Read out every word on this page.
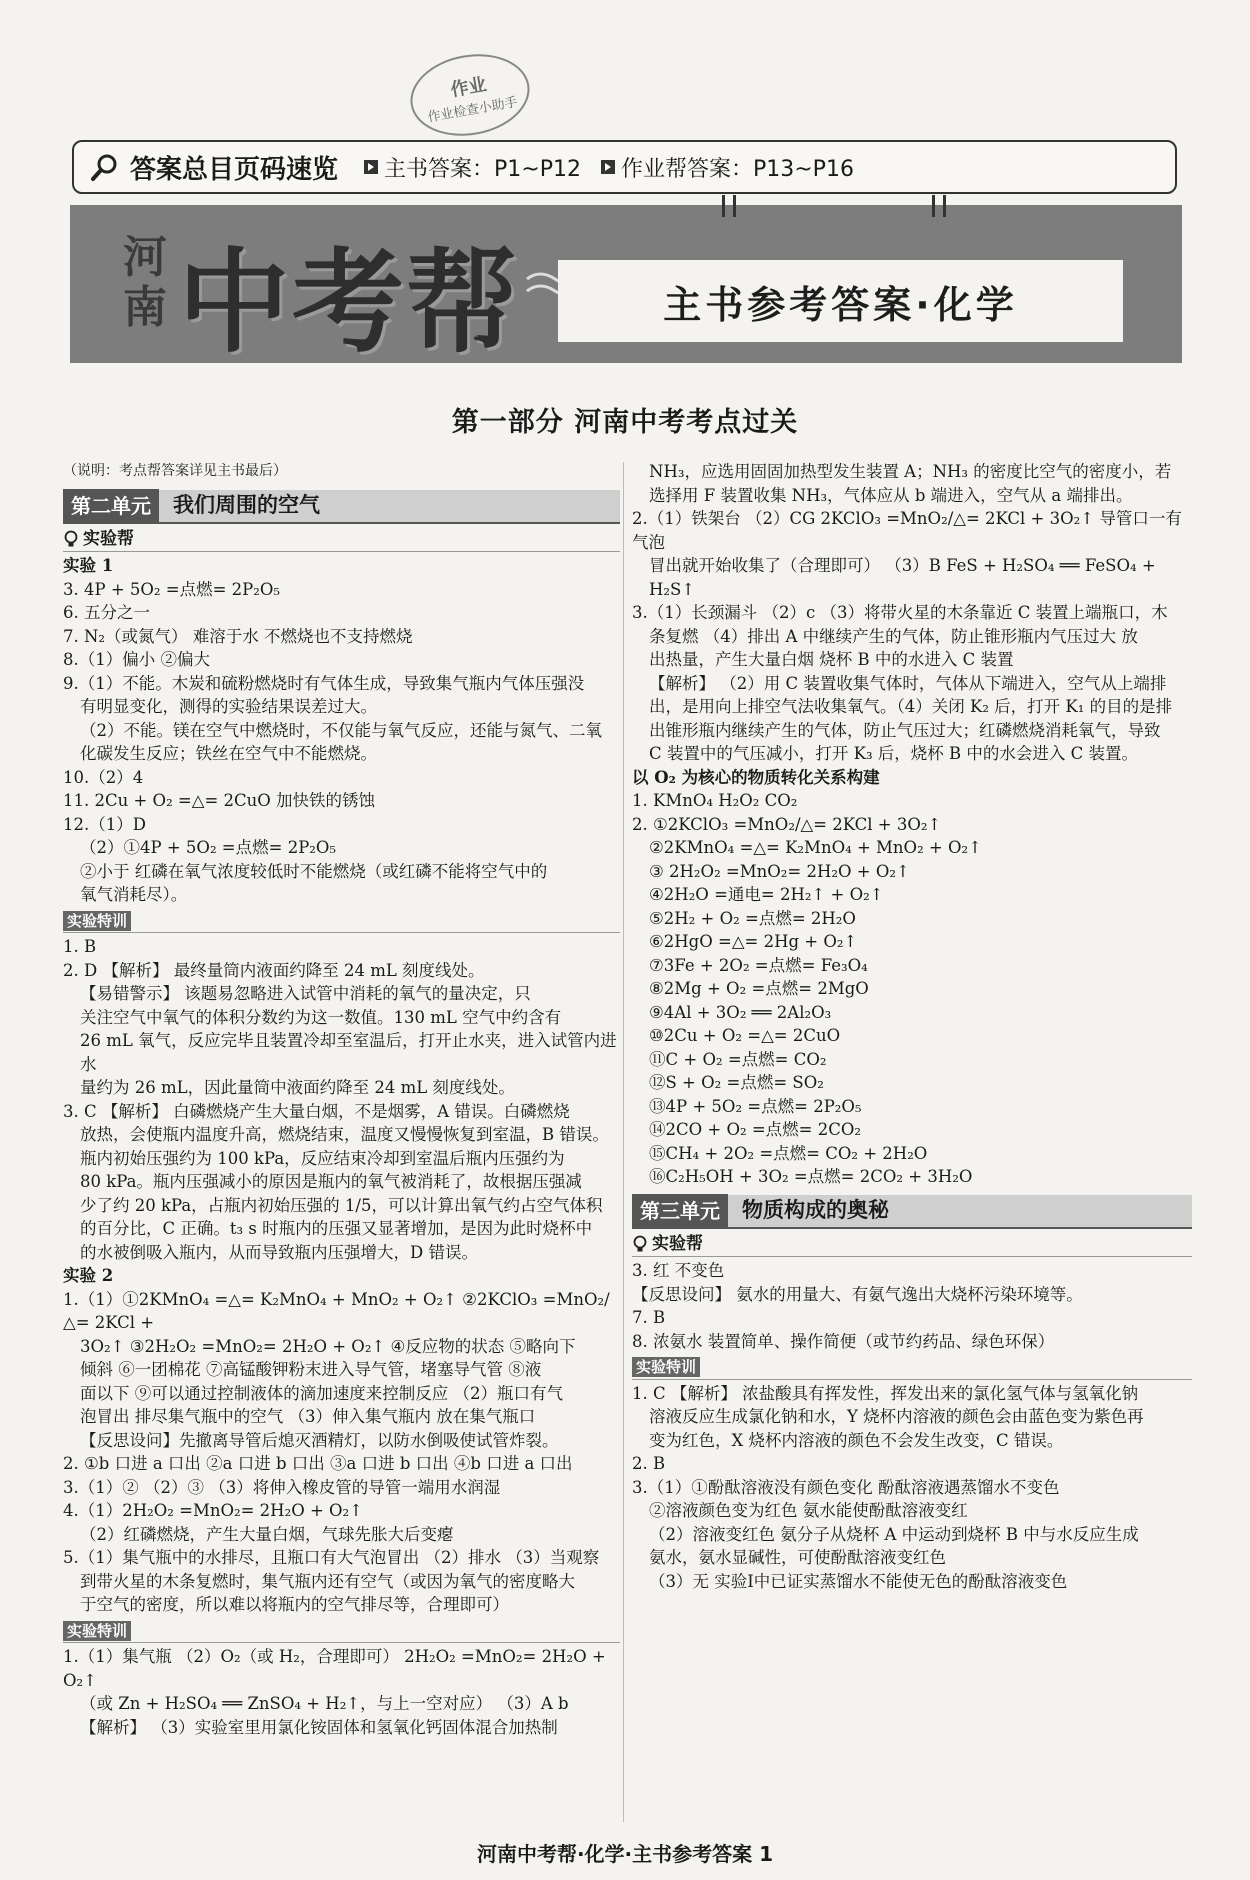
作业
作业检查小助手
答案总目页码速览 主书答案：P1~P12 作业帮答案：P13~P16
河南 中考帮	主书参考答案·化学
第一部分 河南中考考点过关

（说明：考点帮答案详见主书最后）

第二单元	我们周围的空气
实验帮

实验 1

3. 4P + 5O₂ =点燃= 2P₂O₅

6. 五分之一

7. N₂（或氮气） 难溶于水 不燃烧也不支持燃烧

8.（1）偏小 ②偏大

9.（1）不能。木炭和硫粉燃烧时有气体生成，导致集气瓶内气体压强没

有明显变化，测得的实验结果误差过大。

（2）不能。镁在空气中燃烧时，不仅能与氧气反应，还能与氮气、二氧

化碳发生反应；铁丝在空气中不能燃烧。

10.（2）4

11. 2Cu + O₂ =△= 2CuO 加快铁的锈蚀

12.（1）D

（2）①4P + 5O₂ =点燃= 2P₂O₅

②小于 红磷在氧气浓度较低时不能燃烧（或红磷不能将空气中的

氧气消耗尽）。

实验特训

1. B

2. D 【解析】 最终量筒内液面约降至 24 mL 刻度线处。

【易错警示】 该题易忽略进入试管中消耗的氧气的量决定，只

关注空气中氧气的体积分数约为这一数值。130 mL 空气中约含有

26 mL 氧气，反应完毕且装置冷却至室温后，打开止水夹，进入试管内进水

量约为 26 mL，因此量筒中液面约降至 24 mL 刻度线处。

3. C 【解析】 白磷燃烧产生大量白烟，不是烟雾，A 错误。白磷燃烧

放热，会使瓶内温度升高，燃烧结束，温度又慢慢恢复到室温，B 错误。

瓶内初始压强约为 100 kPa，反应结束冷却到室温后瓶内压强约为

80 kPa。瓶内压强减小的原因是瓶内的氧气被消耗了，故根据压强减

少了约 20 kPa，占瓶内初始压强的 1/5，可以计算出氧气约占空气体积

的百分比，C 正确。t₃ s 时瓶内的压强又显著增加，是因为此时烧杯中

的水被倒吸入瓶内，从而导致瓶内压强增大，D 错误。

实验 2

1.（1）①2KMnO₄ =△= K₂MnO₄ + MnO₂ + O₂↑ ②2KClO₃ =MnO₂/△= 2KCl +

3O₂↑ ③2H₂O₂ =MnO₂= 2H₂O + O₂↑ ④反应物的状态 ⑤略向下

倾斜 ⑥一团棉花 ⑦高锰酸钾粉末进入导气管，堵塞导气管 ⑧液

面以下 ⑨可以通过控制液体的滴加速度来控制反应 （2）瓶口有气

泡冒出 排尽集气瓶中的空气 （3）伸入集气瓶内 放在集气瓶口

【反思设问】先撤离导管后熄灭酒精灯，以防水倒吸使试管炸裂。

2. ①b 口进 a 口出 ②a 口进 b 口出 ③a 口进 b 口出 ④b 口进 a 口出

3.（1）② （2）③ （3）将伸入橡皮管的导管一端用水润湿

4.（1）2H₂O₂ =MnO₂= 2H₂O + O₂↑

（2）红磷燃烧，产生大量白烟，气球先胀大后变瘪

5.（1）集气瓶中的水排尽，且瓶口有大气泡冒出 （2）排水 （3）当观察

到带火星的木条复燃时，集气瓶内还有空气（或因为氧气的密度略大

于空气的密度，所以难以将瓶内的空气排尽等，合理即可）

实验特训

1.（1）集气瓶 （2）O₂（或 H₂，合理即可） 2H₂O₂ =MnO₂= 2H₂O + O₂↑

（或 Zn + H₂SO₄ ══ ZnSO₄ + H₂↑，与上一空对应） （3）A b

【解析】 （3）实验室里用氯化铵固体和氢氧化钙固体混合加热制

NH₃，应选用固固加热型发生装置 A；NH₃ 的密度比空气的密度小，若

选择用 F 装置收集 NH₃，气体应从 b 端进入，空气从 a 端排出。

2.（1）铁架台 （2）CG 2KClO₃ =MnO₂/△= 2KCl + 3O₂↑ 导管口一有气泡

冒出就开始收集了（合理即可） （3）B FeS + H₂SO₄ ══ FeSO₄ +

H₂S↑

3.（1）长颈漏斗 （2）c （3）将带火星的木条靠近 C 装置上端瓶口，木

条复燃 （4）排出 A 中继续产生的气体，防止锥形瓶内气压过大 放

出热量，产生大量白烟 烧杯 B 中的水进入 C 装置

【解析】 （2）用 C 装置收集气体时，气体从下端进入，空气从上端排

出，是用向上排空气法收集氧气。（4）关闭 K₂ 后，打开 K₁ 的目的是排

出锥形瓶内继续产生的气体，防止气压过大；红磷燃烧消耗氧气，导致

C 装置中的气压减小，打开 K₃ 后，烧杯 B 中的水会进入 C 装置。

以 O₂ 为核心的物质转化关系构建

1. KMnO₄ H₂O₂ CO₂

2. ①2KClO₃ =MnO₂/△= 2KCl + 3O₂↑

②2KMnO₄ =△= K₂MnO₄ + MnO₂ + O₂↑

③ 2H₂O₂ =MnO₂= 2H₂O + O₂↑

④2H₂O =通电= 2H₂↑ + O₂↑

⑤2H₂ + O₂ =点燃= 2H₂O

⑥2HgO =△= 2Hg + O₂↑

⑦3Fe + 2O₂ =点燃= Fe₃O₄

⑧2Mg + O₂ =点燃= 2MgO

⑨4Al + 3O₂ ══ 2Al₂O₃

⑩2Cu + O₂ =△= 2CuO

⑪C + O₂ =点燃= CO₂

⑫S + O₂ =点燃= SO₂

⑬4P + 5O₂ =点燃= 2P₂O₅

⑭2CO + O₂ =点燃= 2CO₂

⑮CH₄ + 2O₂ =点燃= CO₂ + 2H₂O

⑯C₂H₅OH + 3O₂ =点燃= 2CO₂ + 3H₂O

第三单元	物质构成的奥秘
实验帮

3. 红 不变色

【反思设问】 氨水的用量大、有氨气逸出大烧杯污染环境等。

7. B

8. 浓氨水 装置简单、操作简便（或节约药品、绿色环保）

实验特训

1. C 【解析】 浓盐酸具有挥发性，挥发出来的氯化氢气体与氢氧化钠

溶液反应生成氯化钠和水，Y 烧杯内溶液的颜色会由蓝色变为紫色再

变为红色，X 烧杯内溶液的颜色不会发生改变，C 错误。

2. B

3.（1）①酚酞溶液没有颜色变化 酚酞溶液遇蒸馏水不变色

②溶液颜色变为红色 氨水能使酚酞溶液变红

（2）溶液变红色 氨分子从烧杯 A 中运动到烧杯 B 中与水反应生成

氨水，氨水显碱性，可使酚酞溶液变红色

（3）无 实验Ⅰ中已证实蒸馏水不能使无色的酚酞溶液变色

河南中考帮·化学·主书参考答案 1
